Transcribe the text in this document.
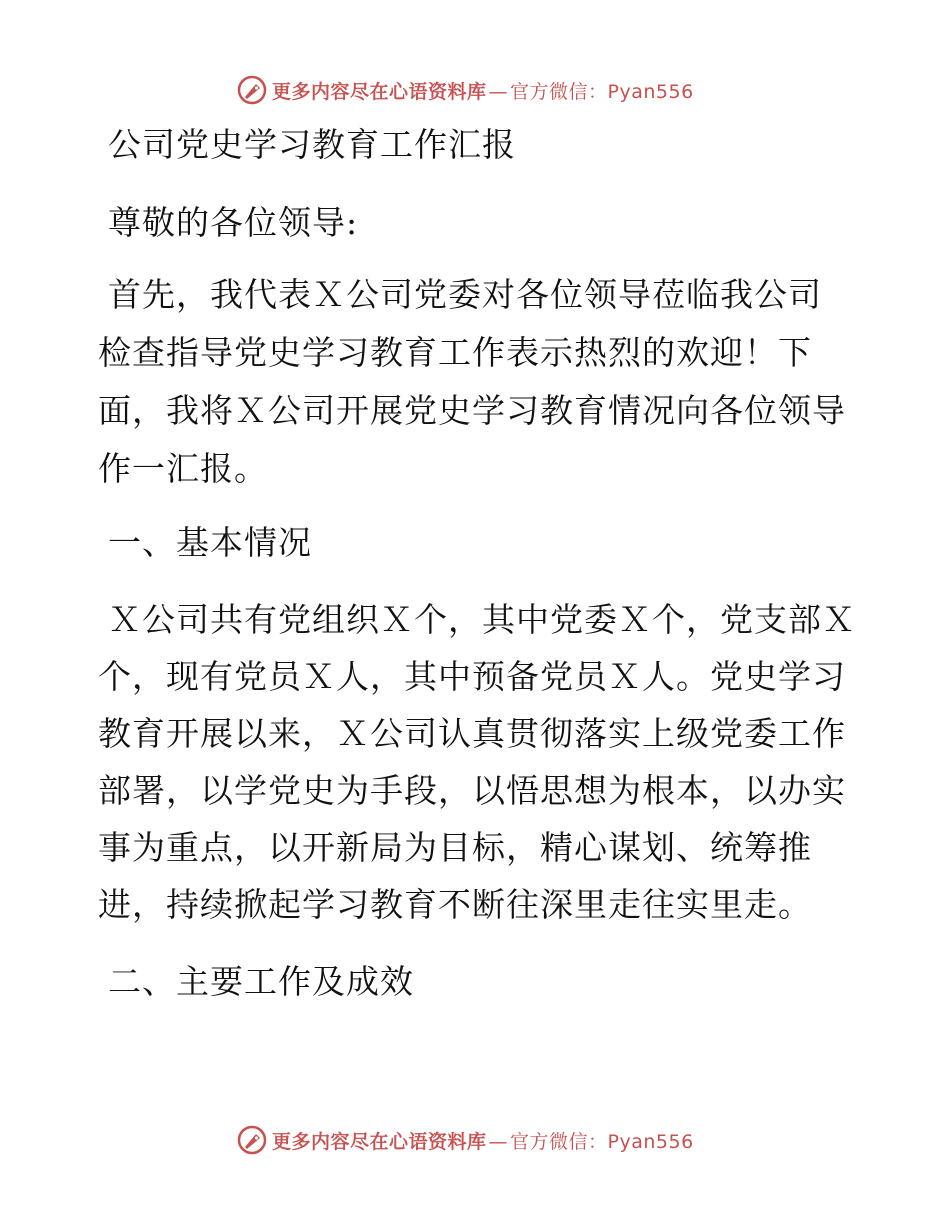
更多内容尽在心语资料库 — 官方微信：Pyan556
公司党史学习教育工作汇报
尊敬的各位领导:
首先，我代表Ｘ公司党委对各位领导莅临我公司
检查指导党史学习教育工作表示热烈的欢迎！下
面，我将Ｘ公司开展党史学习教育情况向各位领导
作一汇报。
一、基本情况
Ｘ公司共有党组织Ｘ个，其中党委Ｘ个，党支部Ｘ
个，现有党员Ｘ人，其中预备党员Ｘ人。党史学习
教育开展以来，Ｘ公司认真贯彻落实上级党委工作
部署，以学党史为手段，以悟思想为根本，以办实
事为重点，以开新局为目标，精心谋划、统筹推
进，持续掀起学习教育不断往深里走往实里走。
二、主要工作及成效
更多内容尽在心语资料库 — 官方微信：Pyan556
